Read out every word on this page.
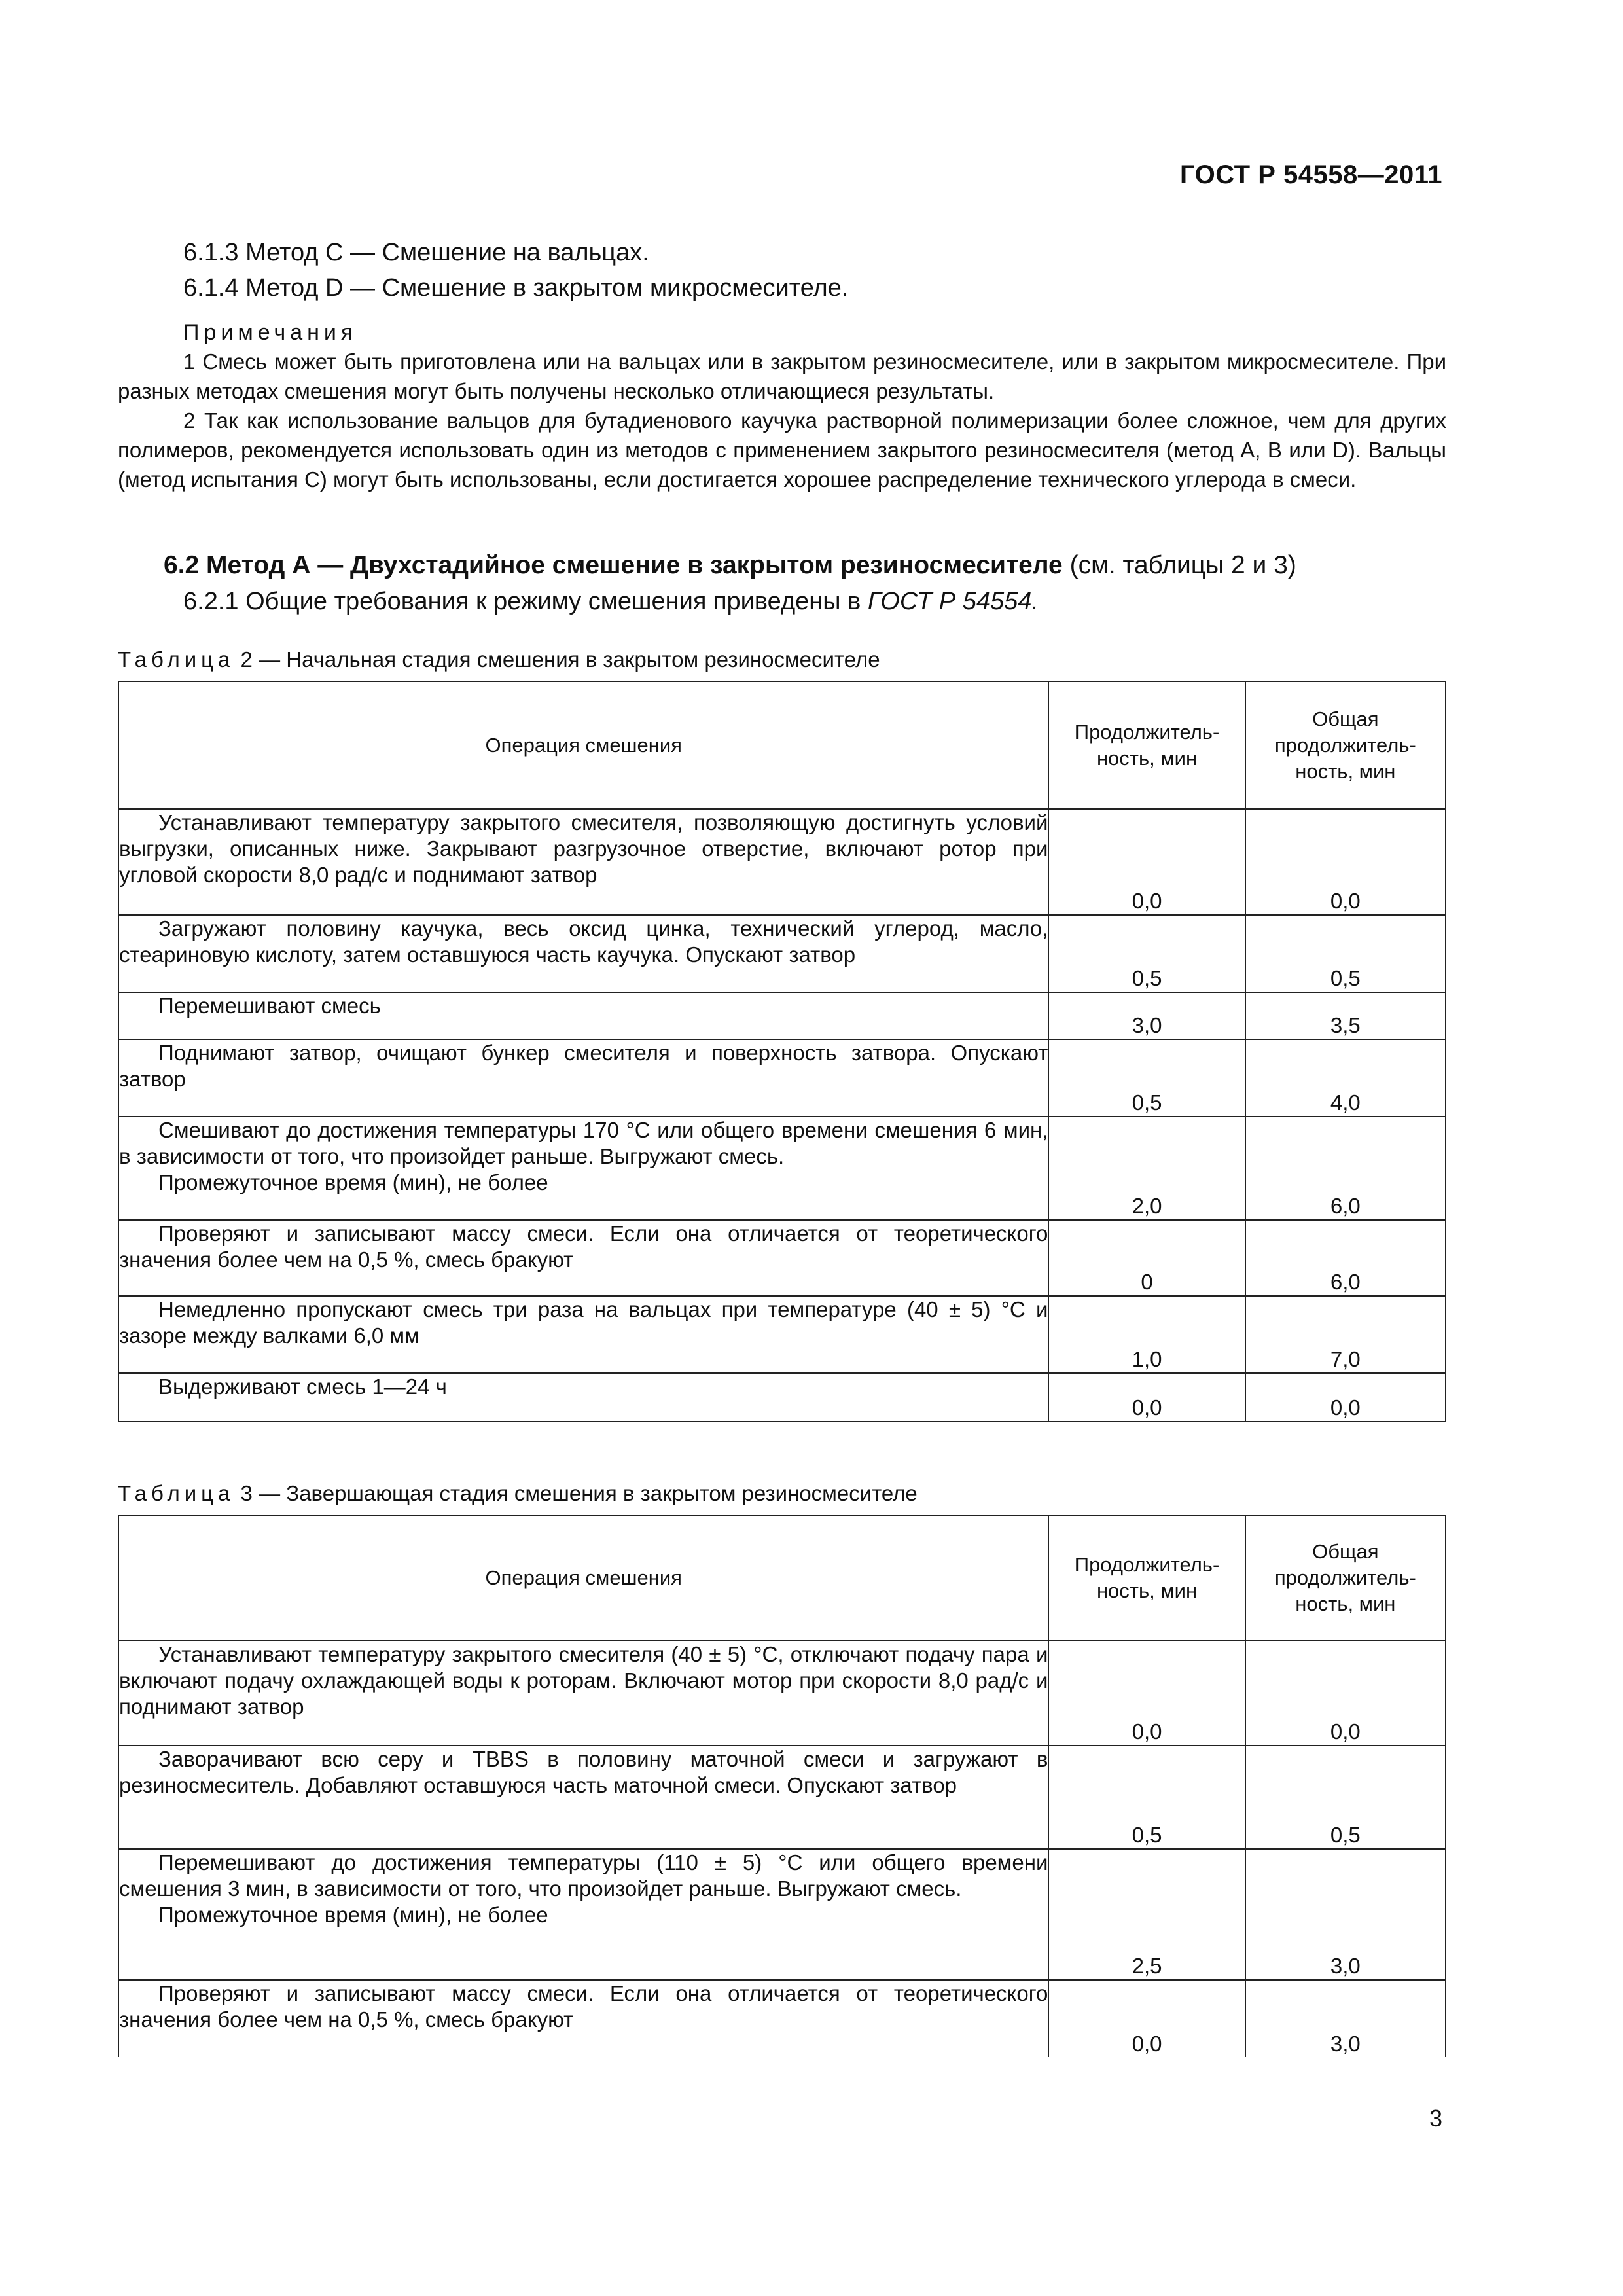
ГОСТ Р 54558—2011
6.1.3 Метод С — Смешение на вальцах.
6.1.4 Метод D — Смешение в закрытом микросмесителе.
Примечания

1 Смесь может быть приготовлена или на вальцах или в закрытом резиносмесителе, или в закрытом микросмесителе. При разных методах смешения могут быть получены несколько отличающиеся результаты.

2 Так как использование вальцов для бутадиенового каучука растворной полимеризации более сложное, чем для других полимеров, рекомендуется использовать один из методов с применением закрытого резиносмесителя (метод А, В или D). Вальцы (метод испытания С) могут быть использованы, если достигается хорошее распределение технического углерода в смеси.

6.2 Метод А — Двухстадийное смешение в закрытом резиносмесителе (см. таблицы 2 и 3)
6.2.1 Общие требования к режиму смешения приведены в ГОСТ Р 54554.
Таблица 2 — Начальная стадия смешения в закрытом резиносмесителе
Операция смешения	Продолжитель-ность, мин	Общая продолжитель-ность, мин

Устанавливают температуру закрытого смесителя, позволяющую достигнуть условий выгрузки, описанных ниже. Закрывают разгрузочное отверстие, включают ротор при угловой скорости 8,0 рад/с и поднимают затвор	0,0	0,0

Загружают половину каучука, весь оксид цинка, технический углерод, масло, стеариновую кислоту, затем оставшуюся часть каучука. Опускают затвор	0,5	0,5

Перемешивают смесь	3,0	3,5

Поднимают затвор, очищают бункер смесителя и поверхность затвора. Опускают затвор	0,5	4,0

Смешивают до достижения температуры 170 °С или общего времени смешения 6 мин, в зависимости от того, что произойдет раньше. Выгружают смесь.
Промежуточное время (мин), не более	2,0	6,0

Проверяют и записывают массу смеси. Если она отличается от теоретического значения более чем на 0,5 %, смесь бракуют	0	6,0

Немедленно пропускают смесь три раза на вальцах при температуре (40 ± 5) °С и зазоре между валками 6,0 мм	1,0	7,0

Выдерживают смесь 1—24 ч	0,0	0,0
Таблица 3 — Завершающая стадия смешения в закрытом резиносмесителе
Операция смешения	Продолжитель-ность, мин	Общая продолжитель-ность, мин

Устанавливают температуру закрытого смесителя (40 ± 5) °С, отключают подачу пара и включают подачу охлаждающей воды к роторам. Включают мотор при скорости 8,0 рад/с и поднимают затвор	0,0	0,0

Заворачивают всю серу и TBBS в половину маточной смеси и загружают в резиносмеситель. Добавляют оставшуюся часть маточной смеси. Опускают затвор	0,5	0,5

Перемешивают до достижения температуры (110 ± 5) °С или общего времени смешения 3 мин, в зависимости от того, что произойдет раньше. Выгружают смесь.
Промежуточное время (мин), не более	2,5	3,0

Проверяют и записывают массу смеси. Если она отличается от теоретического значения более чем на 0,5 %, смесь бракуют	0,0	3,0
3
